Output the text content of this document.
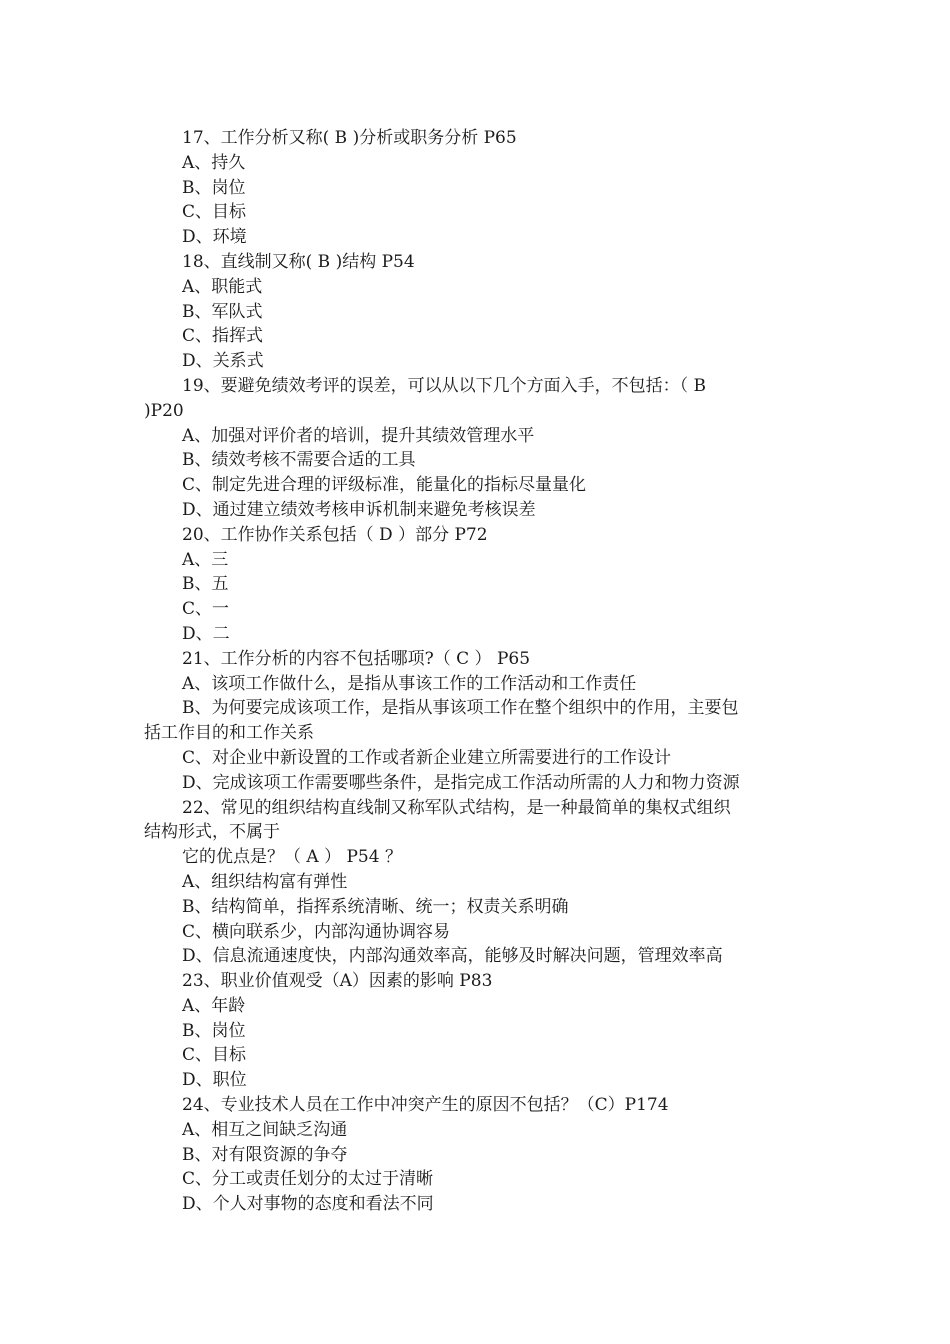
17、工作分析又称( B )分析或职务分析 P65
A、持久
B、岗位
C、目标
D、环境
18、直线制又称( B )结构 P54
A、职能式
B、军队式
C、指挥式
D、关系式
19、要避免绩效考评的误差，可以从以下几个方面入手，不包括：（ B
)P20
A、加强对评价者的培训，提升其绩效管理水平
B、绩效考核不需要合适的工具
C、制定先进合理的评级标准，能量化的指标尽量量化
D、通过建立绩效考核申诉机制来避免考核误差
20、工作协作关系包括（ D ）部分 P72
A、三
B、五
C、一
D、二
21、工作分析的内容不包括哪项?（ C ） P65
A、该项工作做什么，是指从事该工作的工作活动和工作责任
B、为何要完成该项工作，是指从事该项工作在整个组织中的作用，主要包
括工作目的和工作关系
C、对企业中新设置的工作或者新企业建立所需要进行的工作设计
D、完成该项工作需要哪些条件，是指完成工作活动所需的人力和物力资源
22、常见的组织结构直线制又称军队式结构，是一种最简单的集权式组织
结构形式，不属于
它的优点是？（ A ） P54 ？
A、组织结构富有弹性
B、结构简单，指挥系统清晰、统一；权责关系明确
C、横向联系少，内部沟通协调容易
D、信息流通速度快，内部沟通效率高，能够及时解决问题，管理效率高
23、职业价值观受（A）因素的影响 P83
A、年龄
B、岗位
C、目标
D、职位
24、专业技术人员在工作中冲突产生的原因不包括？（C）P174
A、相互之间缺乏沟通
B、对有限资源的争夺
C、分工或责任划分的太过于清晰
D、个人对事物的态度和看法不同
